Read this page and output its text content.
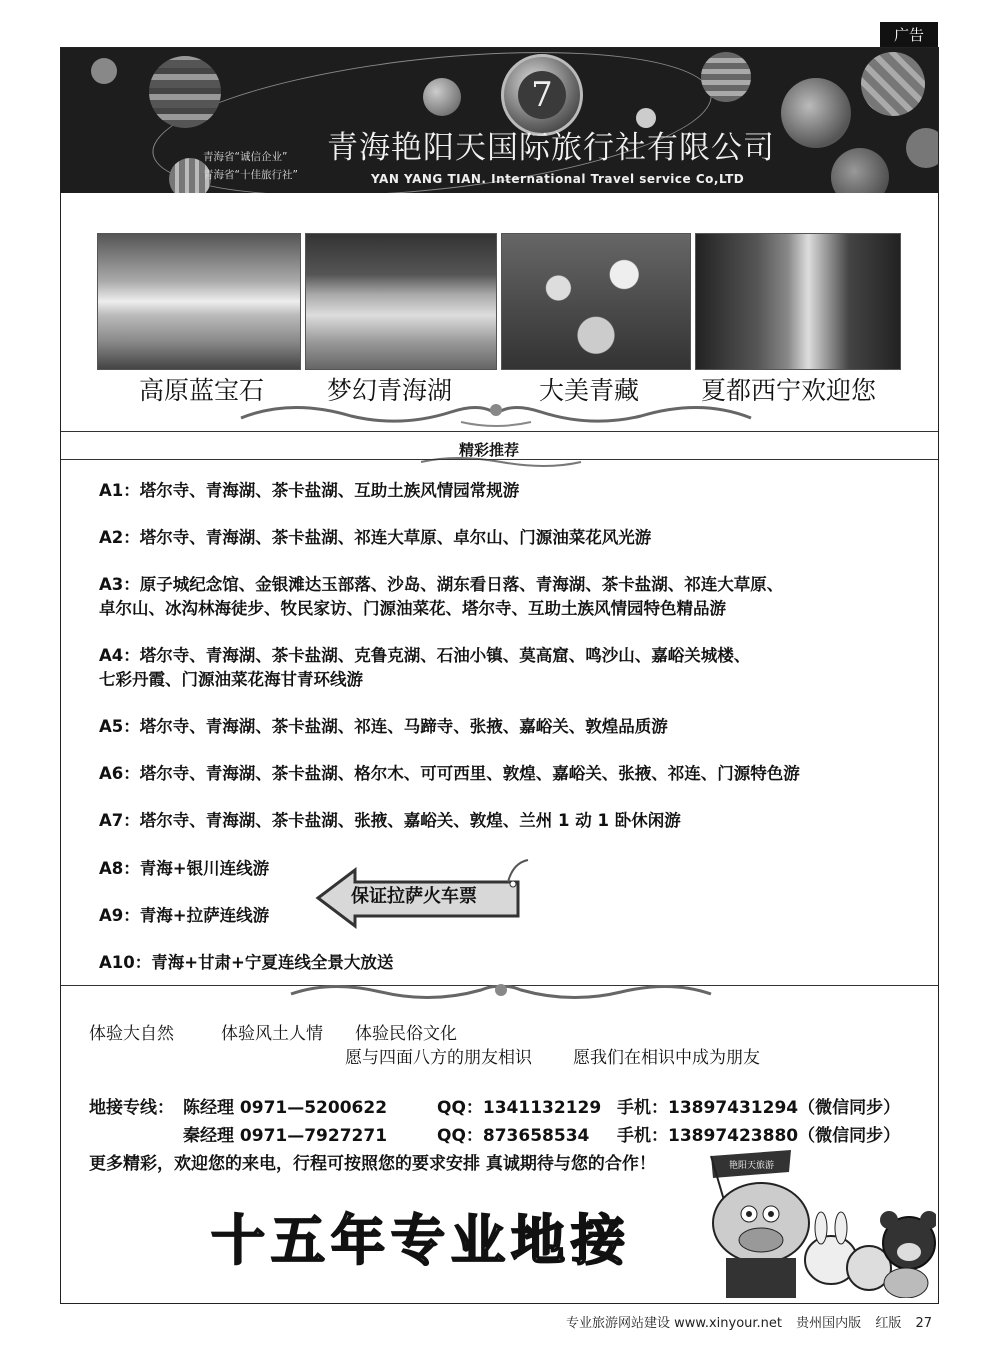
广告
7
青海艳阳天国际旅行社有限公司
YAN YANG TIAN. International Travel service Co,LTD
青海省“诚信企业”
青海省“十佳旅行社”
高原蓝宝石	梦幻青海湖	大美青藏 夏都西宁欢迎您
精彩推荐
A1：塔尔寺、青海湖、茶卡盐湖、互助土族风情园常规游
A2：塔尔寺、青海湖、茶卡盐湖、祁连大草原、卓尔山、门源油菜花风光游
A3：原子城纪念馆、金银滩达玉部落、沙岛、湖东看日落、青海湖、茶卡盐湖、祁连大草原、
卓尔山、冰沟林海徒步、牧民家访、门源油菜花、塔尔寺、互助土族风情园特色精品游
A4：塔尔寺、青海湖、茶卡盐湖、克鲁克湖、石油小镇、莫高窟、鸣沙山、嘉峪关城楼、
七彩丹霞、门源油菜花海甘青环线游
A5：塔尔寺、青海湖、茶卡盐湖、祁连、马蹄寺、张掖、嘉峪关、敦煌品质游
A6：塔尔寺、青海湖、茶卡盐湖、格尔木、可可西里、敦煌、嘉峪关、张掖、祁连、门源特色游
A7：塔尔寺、青海湖、茶卡盐湖、张掖、嘉峪关、敦煌、兰州 1 动 1 卧休闲游
A8：青海+银川连线游
A9：青海+拉萨连线游
A10：青海+甘肃+宁夏连线全景大放送
保证拉萨火车票
体验大自然	体验风土人情 体验民俗文化
愿与四面八方的朋友相识 愿我们在相识中成为朋友
地接专线： 陈经理 0971—5200622	QQ：1341132129 手机：13897431294（微信同步）
秦经理 0971—7927271	QQ：873658534 手机：13897423880（微信同步）
更多精彩，欢迎您的来电，行程可按照您的要求安排 真诚期待与您的合作！
十五年专业地接
艳阳天旅游
专业旅游网站建设 www.xinyour.net 贵州国内版 红版 27
